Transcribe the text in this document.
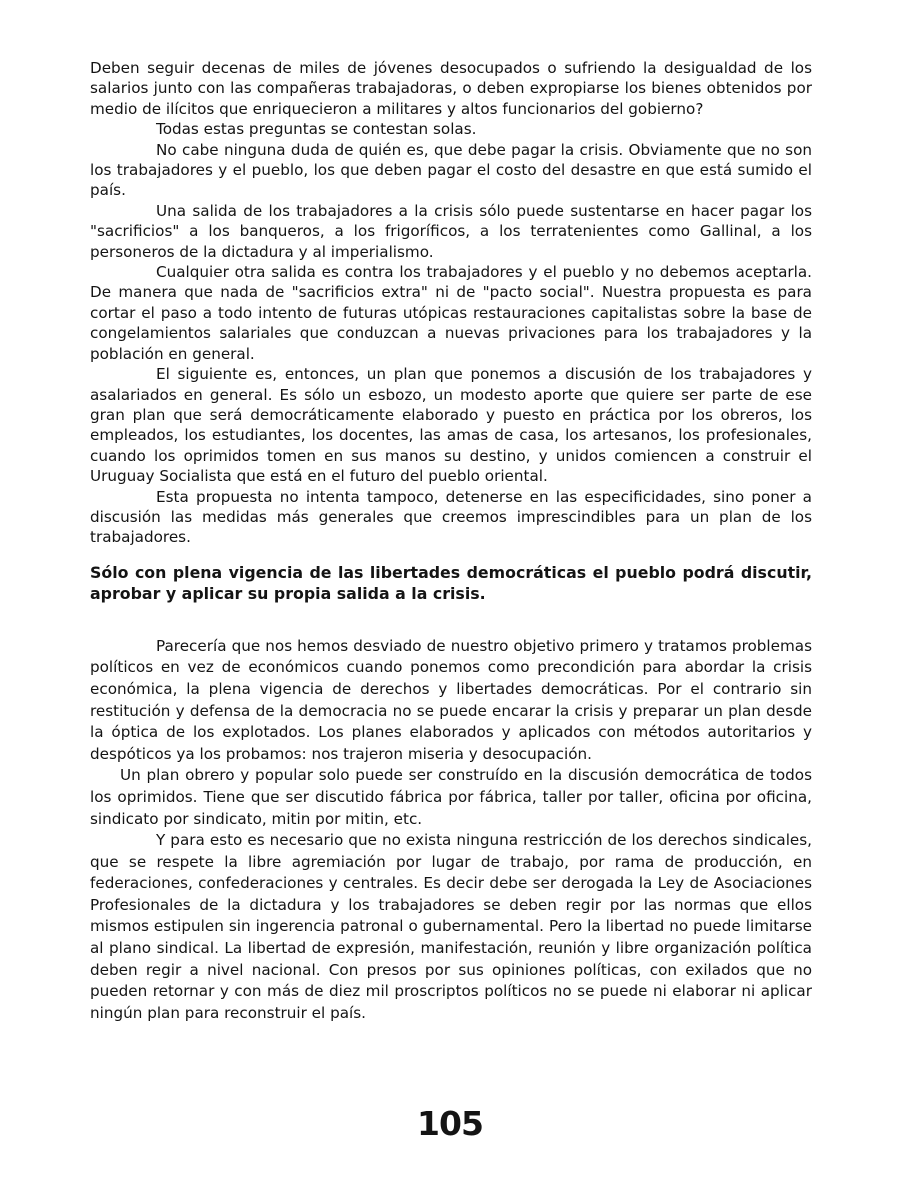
Deben seguir decenas de miles de jóvenes desocupados o sufriendo la desigualdad de los salarios junto con las compañeras trabajadoras, o deben expropiarse los bienes obtenidos por medio de ilícitos que enriquecieron a militares y altos funcionarios del gobierno?

Todas estas preguntas se contestan solas.

No cabe ninguna duda de quién es, que debe pagar la crisis. Obviamente que no son los trabajadores y el pueblo, los que deben pagar el costo del desastre en que está sumido el país.

Una salida de los trabajadores a la crisis sólo puede sustentarse en hacer pagar los "sacrificios" a los banqueros, a los frigoríficos, a los terratenientes como Gallinal, a los personeros de la dictadura y al imperialismo.

Cualquier otra salida es contra los trabajadores y el pueblo y no debemos aceptarla. De manera que nada de "sacrificios extra" ni de "pacto social". Nuestra propuesta es para cortar el paso a todo intento de futuras utópicas restauraciones capitalistas sobre la base de congelamientos salariales que conduzcan a nuevas privaciones para los trabajadores y la población en general.

El siguiente es, entonces, un plan que ponemos a discusión de los trabajadores y asalariados en general. Es sólo un esbozo, un modesto aporte que quiere ser parte de ese gran plan que será democráticamente elaborado y puesto en práctica por los obreros, los empleados, los estudiantes, los docentes, las amas de casa, los artesanos, los profesionales, cuando los oprimidos tomen en sus manos su destino, y unidos comiencen a construir el Uruguay Socialista que está en el futuro del pueblo oriental.

Esta propuesta no intenta tampoco, detenerse en las especificidades, sino poner a discusión las medidas más generales que creemos imprescindibles para un plan de los trabajadores.

Sólo con plena vigencia de las libertades democráticas el pueblo podrá discutir, aprobar y aplicar su propia salida a la crisis.

Parecería que nos hemos desviado de nuestro objetivo primero y tratamos problemas políticos en vez de económicos cuando ponemos como precondición para abordar la crisis económica, la plena vigencia de derechos y libertades democráticas. Por el contrario sin restitución y defensa de la democracia no se puede encarar la crisis y preparar un plan desde la óptica de los explotados. Los planes elaborados y aplicados con métodos autoritarios y despóticos ya los probamos: nos trajeron miseria y desocupación.

Un plan obrero y popular solo puede ser construído en la discusión democrática de todos los oprimidos. Tiene que ser discutido fábrica por fábrica, taller por taller, oficina por oficina, sindicato por sindicato, mitin por mitin, etc.

Y para esto es necesario que no exista ninguna restricción de los derechos sindicales, que se respete la libre agremiación por lugar de trabajo, por rama de producción, en federaciones, confederaciones y centrales. Es decir debe ser derogada la Ley de Asociaciones Profesionales de la dictadura y los trabajadores se deben regir por las normas que ellos mismos estipulen sin ingerencia patronal o gubernamental. Pero la libertad no puede limitarse al plano sindical. La libertad de expresión, manifestación, reunión y libre organización política deben regir a nivel nacional. Con presos por sus opiniones políticas, con exilados que no pueden retornar y con más de diez mil proscriptos políticos no se puede ni elaborar ni aplicar ningún plan para reconstruir el país.

105
